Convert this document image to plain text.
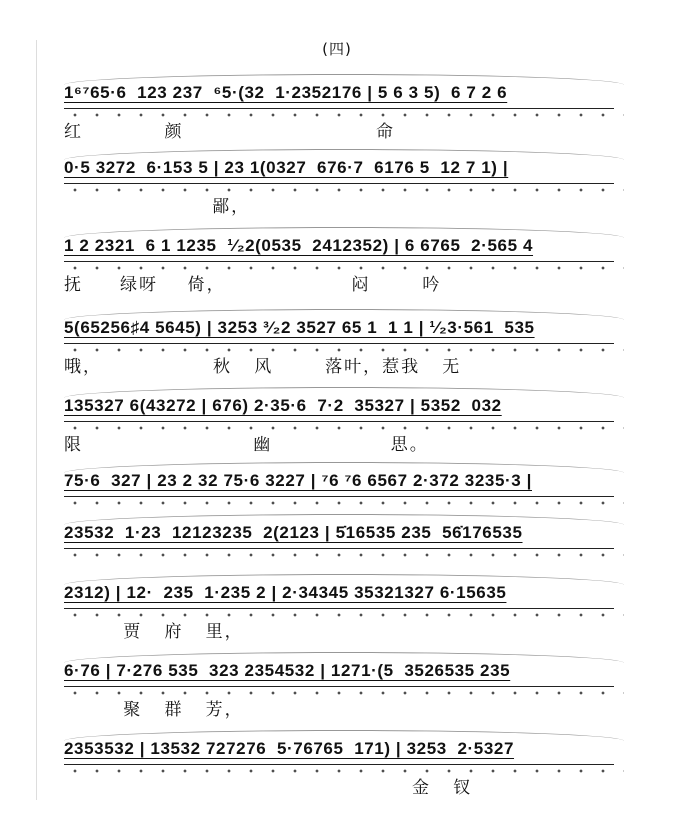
(四)
1⁶⁷65·6  123 237  ⁶5·(32  1·2352176 | 5 6 3 5)  6 7 2 6
红           颜                          命
0·5 3272  6·153 5 | 23 1(0327  676·7  6176 5  12 7 1) |
鄙，
1 2 2321  6 1 1235  ¹⁄₂2(0535  2412352) | 6 6765  2·565 4
抚     绿呀    倚，                 闷       吟
5(65256♯4 5645) | 3253 ³⁄₂2 3527 65 1  1 1 | ¹⁄₂3·561  535
哦，               秋   风       落叶，惹我   无
135327 6(43272 | 676) 2·35·6  7·2  35327 | 5352  032
限                       幽                思。
75·6  327 | 23 2 32 75·6 3227 | ⁷6 ⁷6 6567 2·372 3235·3 |
23532  1·23  12123235  2(2123 | 5̇16535 235  56̇176535
2312) | 12·  235  1·235 2 | 2·34345 35321327 6·15635
贾   府   里，
6·76 | 7·276 535  323 2354532 | 1271·(5  3526535 235
聚   群   芳，
2353532 | 13532 727276  5·76765  171) | 3253  2·5327
金   钗
